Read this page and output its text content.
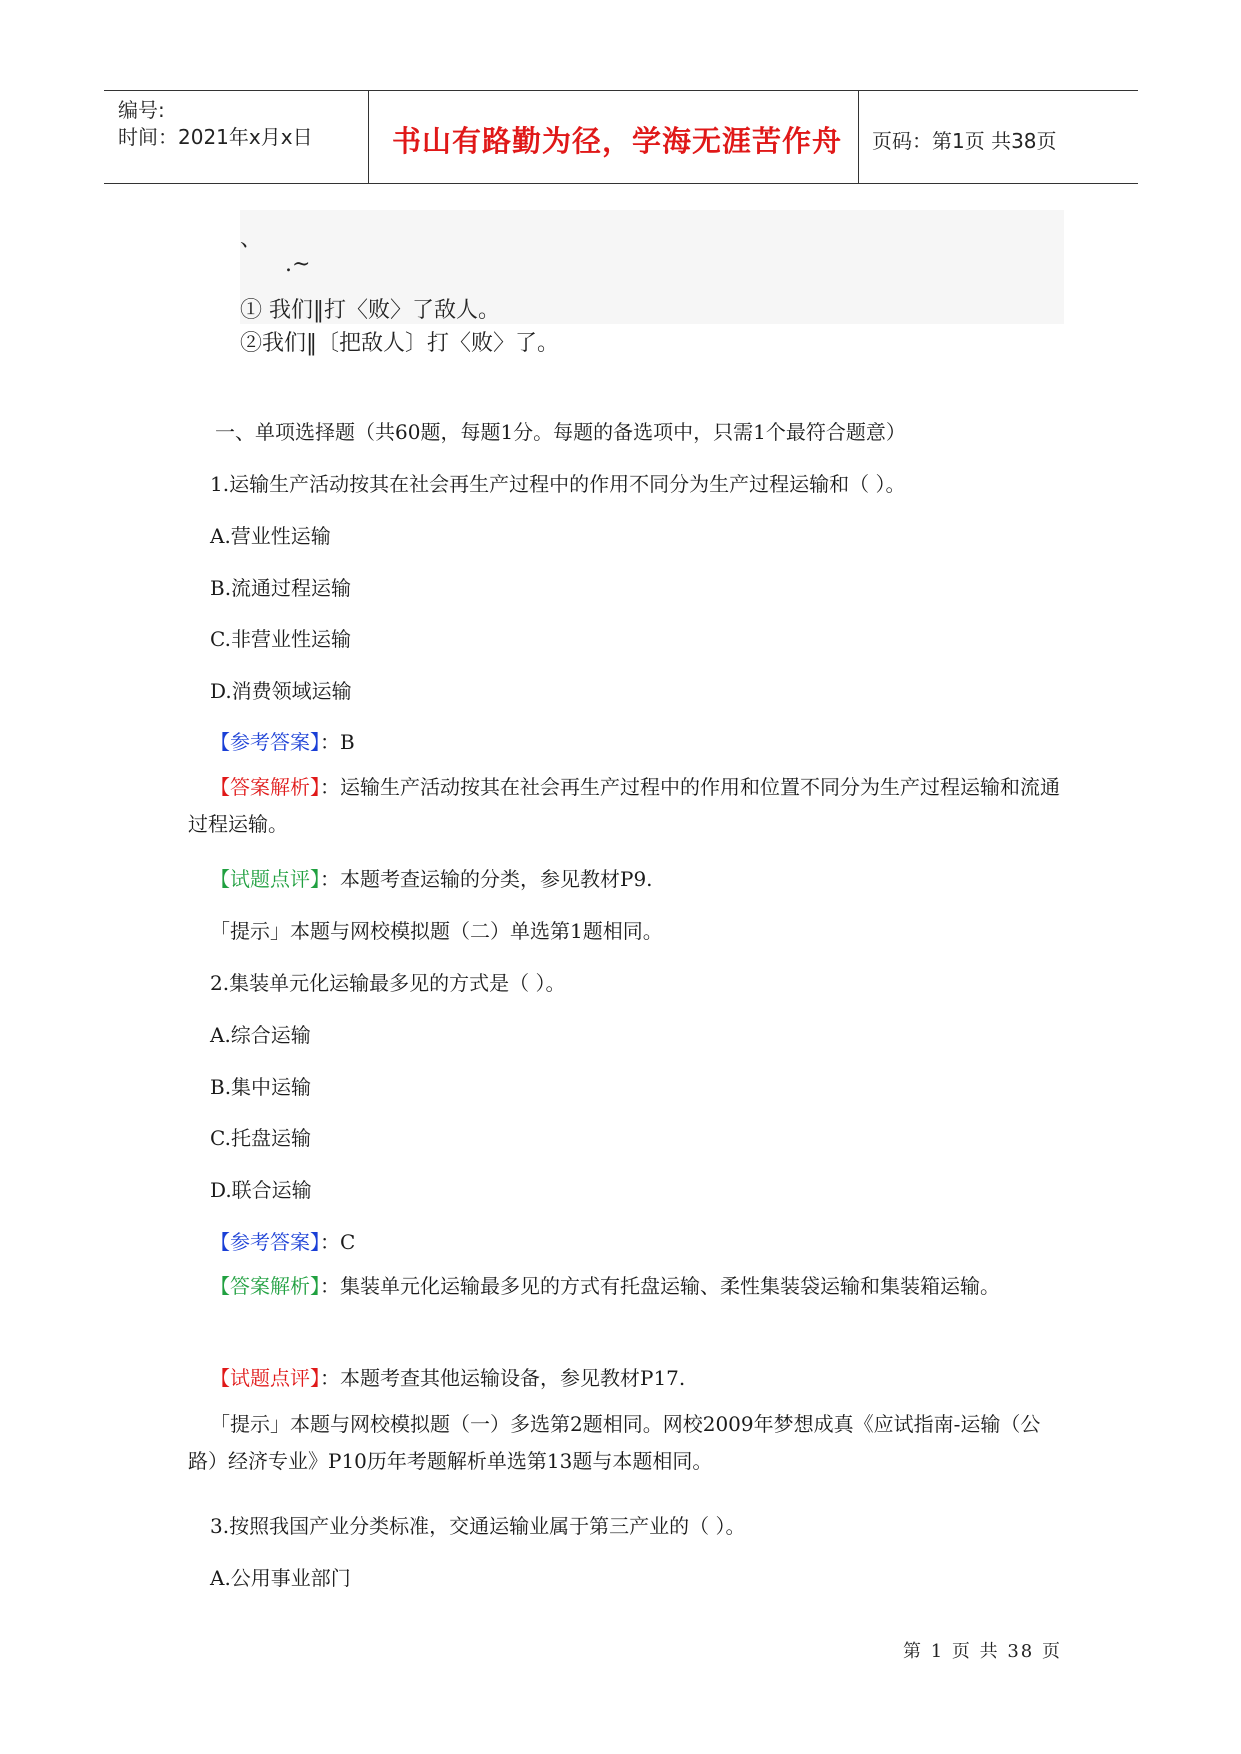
编号:
时间：2021年x月x日	书山有路勤为径，学海无涯苦作舟 页码：第1页 共38页
、
.~
① 我们‖打〈败〉了敌人。
②我们‖〔把敌人〕打〈败〉了。
一、单项选择题（共60题，每题1分。每题的备选项中，只需1个最符合题意）
1.运输生产活动按其在社会再生产过程中的作用不同分为生产过程运输和（ ）。
A.营业性运输
B.流通过程运输
C.非营业性运输
D.消费领域运输
【参考答案】：B
【答案解析】：运输生产活动按其在社会再生产过程中的作用和位置不同分为生产过程运输和流通过程运输。
【试题点评】：本题考查运输的分类，参见教材P9.
「提示」本题与网校模拟题（二）单选第1题相同。
2.集装单元化运输最多见的方式是（ ）。
A.综合运输
B.集中运输
C.托盘运输
D.联合运输
【参考答案】：C
【答案解析】：集装单元化运输最多见的方式有托盘运输、柔性集装袋运输和集装箱运输。
【试题点评】：本题考查其他运输设备，参见教材P17.
「提示」本题与网校模拟题（一）多选第2题相同。网校2009年梦想成真《应试指南-运输（公路）经济专业》P10历年考题解析单选第13题与本题相同。
3.按照我国产业分类标准，交通运输业属于第三产业的（ ）。
A.公用事业部门
第 1 页 共 38 页
